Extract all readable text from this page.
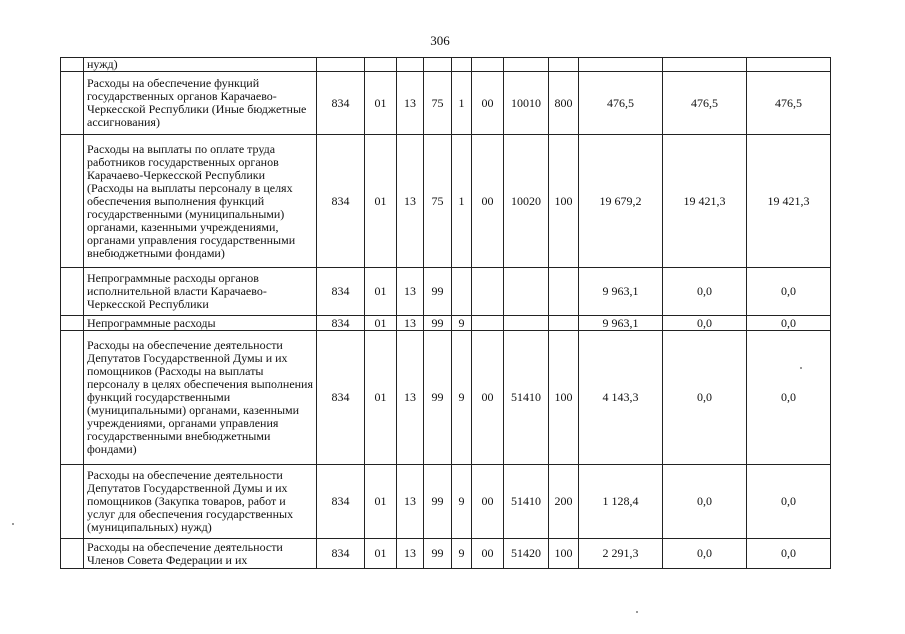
306
	нужд)											
	Расходы на обеспечение функций государственных органов Карачаево-Черкесской Республики (Иные бюджетные ассигнования)	834	01	13	75	1	00	10010	800	476,5	476,5	476,5
	Расходы на выплаты по оплате труда работников государственных органов Карачаево-Черкесской Республики (Расходы на выплаты персоналу в целях обеспечения выполнения функций государственными (муниципальными) органами, казенными учреждениями, органами управления государственными внебюджетными фондами)	834	01	13	75	1	00	10020	100	19 679,2	19 421,3	19 421,3
	Непрограммные расходы органов исполнительной власти Карачаево-Черкесской Республики	834	01	13	99					9 963,1	0,0	0,0
	Непрограммные расходы	834	01	13	99	9				9 963,1	0,0	0,0
	Расходы на обеспечение деятельности Депутатов Государственной Думы и их помощников (Расходы на выплаты персоналу в целях обеспечения выполнения функций государственными (муниципальными) органами, казенными учреждениями, органами управления государственными внебюджетными фондами)	834	01	13	99	9	00	51410	100	4 143,3	0,0	0,0
	Расходы на обеспечение деятельности Депутатов Государственной Думы и их помощников (Закупка товаров, работ и услуг для обеспечения государственных (муниципальных) нужд)	834	01	13	99	9	00	51410	200	1 128,4	0,0	0,0
	Расходы на обеспечение деятельности Членов Совета Федерации и их	834	01	13	99	9	00	51420	100	2 291,3	0,0	0,0
